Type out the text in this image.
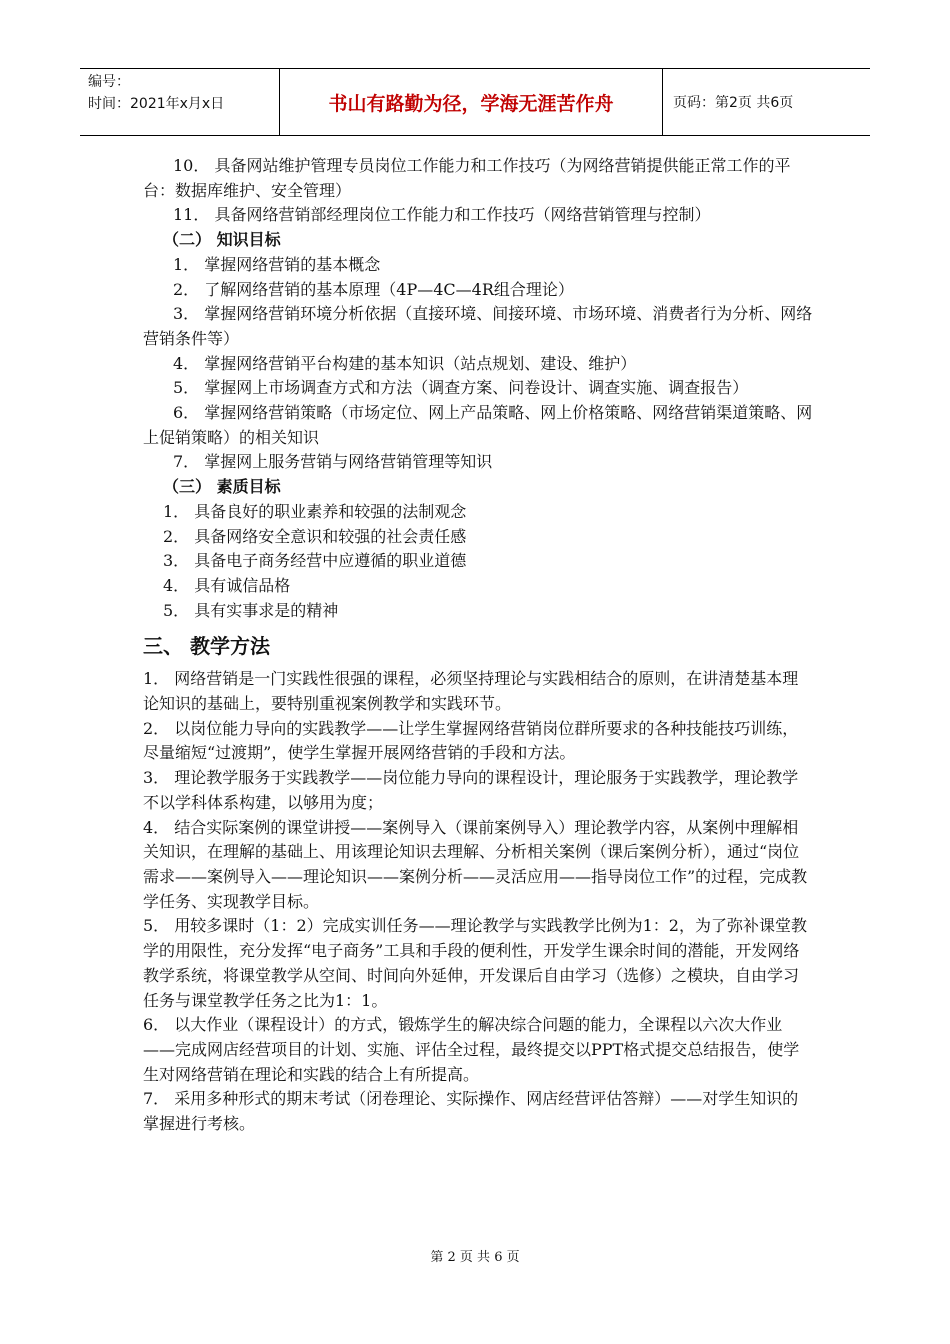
编号：
时间：2021年x月x日	书山有路勤为径，学海无涯苦作舟	页码：第2页 共6页

10． 具备网站维护管理专员岗位工作能力和工作技巧（为网络营销提供能正常工作的平台：数据库维护、安全管理）

11． 具备网络营销部经理岗位工作能力和工作技巧（网络营销管理与控制）

（二） 知识目标

1． 掌握网络营销的基本概念

2． 了解网络营销的基本原理（4P—4C—4R组合理论）

3． 掌握网络营销环境分析依据（直接环境、间接环境、市场环境、消费者行为分析、网络营销条件等）

4． 掌握网络营销平台构建的基本知识（站点规划、建设、维护）

5． 掌握网上市场调查方式和方法（调查方案、问卷设计、调查实施、调查报告）

6． 掌握网络营销策略（市场定位、网上产品策略、网上价格策略、网络营销渠道策略、网上促销策略）的相关知识

7． 掌握网上服务营销与网络营销管理等知识

（三） 素质目标

1． 具备良好的职业素养和较强的法制观念

2． 具备网络安全意识和较强的社会责任感

3． 具备电子商务经营中应遵循的职业道德

4． 具有诚信品格

5． 具有实事求是的精神

三、 教学方法

1． 网络营销是一门实践性很强的课程，必须坚持理论与实践相结合的原则，在讲清楚基本理论知识的基础上，要特别重视案例教学和实践环节。

2． 以岗位能力导向的实践教学——让学生掌握网络营销岗位群所要求的各种技能技巧训练，尽量缩短“过渡期”，使学生掌握开展网络营销的手段和方法。

3． 理论教学服务于实践教学——岗位能力导向的课程设计，理论服务于实践教学，理论教学不以学科体系构建，以够用为度；

4． 结合实际案例的课堂讲授——案例导入（课前案例导入）理论教学内容，从案例中理解相关知识，在理解的基础上、用该理论知识去理解、分析相关案例（课后案例分析），通过“岗位需求——案例导入——理论知识——案例分析——灵活应用——指导岗位工作”的过程，完成教学任务、实现教学目标。

5． 用较多课时（1：2）完成实训任务——理论教学与实践教学比例为1：2，为了弥补课堂教学的用限性，充分发挥“电子商务”工具和手段的便利性，开发学生课余时间的潜能，开发网络教学系统，将课堂教学从空间、时间向外延伸，开发课后自由学习（选修）之模块，自由学习任务与课堂教学任务之比为1：1。

6． 以大作业（课程设计）的方式，锻炼学生的解决综合问题的能力，全课程以六次大作业——完成网店经营项目的计划、实施、评估全过程，最终提交以PPT格式提交总结报告，使学生对网络营销在理论和实践的结合上有所提高。

7． 采用多种形式的期末考试（闭卷理论、实际操作、网店经营评估答辩）——对学生知识的掌握进行考核。

第 2 页 共 6 页
